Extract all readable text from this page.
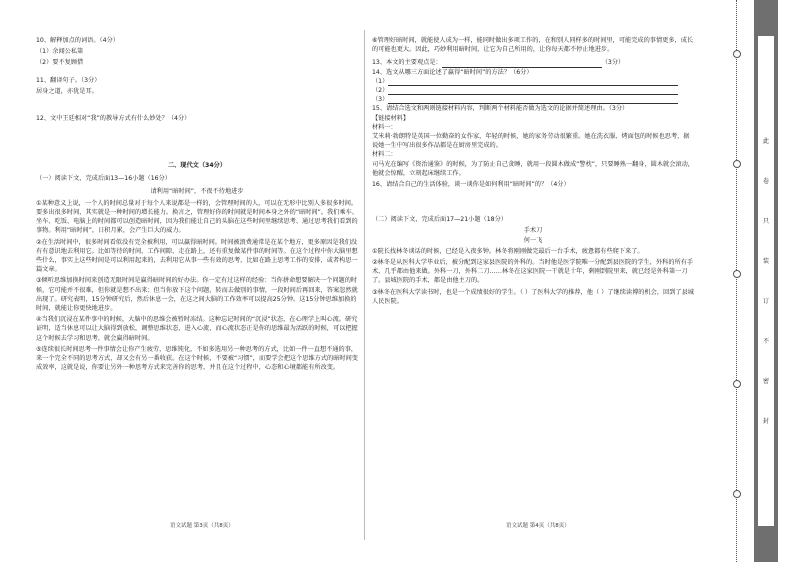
10、解释加点的词语。（4分）
（1）余闻公私第
（2）要不复顾借
11、翻译句子。（3分）
居身之道，亦犹是耳。
12、文中王廷相对“我”的教导方式有什么妙处？（4分）
二、现代文（34分）
（一）阅读下文，完成后面13—16小题（16分）
请利用“暗时间”，不夜不待地进步
①某种意义上说，一个人的时间总量对于每个人来说都是一样的，会管理时间的人，可以在无形中比别人多很多时间。要多出很多时间，其实就是一种时间的增长能力。换言之，管理好你的时间就是时间本身之外的“暗时间”。我们乘车、坐车、吃饭、电脑上的时间都可以创造暗时间，因为我们能让自己的头脑在这些时间里继续思考、通过思考我们看到的事物。利用“暗时间”，日积月累，会产生巨大的威力。
②在生活时间中，很多时间看似没有完全被利用，可以赢得暗时间。时间被浪费通常是在某个地方，更多原因是我们没有有意识地去利用它。比如等待的时间、工作间隙、走在路上，还有重复做某件事的时间等。在这个过程中你大脑里想些什么，事实上这些时间是可以利用起来的，去利用它从事一些有效的思考，比如在路上思考工作的安排，或者构思一篇文章。
③倾听思维加换时间来创造无限时间是赢得暗时间的好办法。你一定有过这样的经验：当你拼命想要解决一个问题的时候，它可能并不很难，但你就是想不出来；但当你放下这个问题，转而去做别的事情，一段时间后再回来，答案忽然就出现了。研究表明，15分钟研究后，然后休息一会，在这之间大脑的工作效率可以提高25分钟。这15分钟思维加换的时间，就能让你更快地进步。
④当我们沉浸在某件事中的时候，大脑中的思维会被暂时冻结。这种忘记时间的“沉浸”状态，在心理学上叫心流。研究证明，适当休息可以让大脑得到放松，调整思维状态，进入心流，而心流状态正是你的思维最为活跃的时候，可以把握这个时候去学习和思考，就会赢得暗时间。
⑤连续很长时间思考一件事情会让你产生疲劳，思维钝化，不如多选用另一种思考的方式，比如一件一直想不通的事，来一个完全不同的思考方式，却又会有另一番收获。在这个时候，不要被“习惯”，而要学会把这个思维方式的暗时间变成效率，这就是说，你要让另外一种思考方式来完善你的思考，并且在这个过程中，心态和心境都能有所改变。
语文试题 第3页（共8页）
⑥管理好暗时间，就能使人成为一样，能同时做出多项工作的，在和别人同样多的时间里，可能完成的事情更多，成长的可能也更大。因此，巧妙利用暗时间，让它为自己所用的，让你每天都不停止地进步。
13、本文的主要观点是：	（3分）
14、选文从哪三方面论述了赢得“暗时间”的方法？（6分）
（1）
（2）
（3）
15、请结合选文和两则链接材料内容，判断两个材料能否做为选文的论据并简述理由。（3分）
【链接材料】
材料一：
艾米莉·勃朗特是英国一位勤奋的女作家，年轻的时候，她的家务劳动很繁重。她在洗衣服、烤面包的时候也思考，据说她一生中写出很多作品都是在厨房里完成的。
材料二：
司马光在编写《资治通鉴》的时候，为了防止自己贪睡，就用一段圆木做成“警枕”，只要睡熟一翻身，圆木就会滚动，他就会惊醒，立刻起床继续工作。
16、请结合自己的生活体验，谈一谈你是如何利用“暗时间”的？（4分）
（二）阅读下文，完成后面17—21小题（18分）
手术刀
何一飞
①院长找林冬谈话的时候，已经是入夜多钟。林冬将刚刚做完最后一台手术，疲惫都有些爬下来了。
②林冬是从医科大学毕业后，被分配到这家县医院的外科的。当时他是医学院唯一分配到县医院的学生，外科的所有手术，几乎都由他来做。外科一刀，外科二刀……林冬在这家医院一干就是十年，剩刚到院里来，就已经是外科第一刀了。县城医院的手术，都是由他主刀的。
③林冬在医科大学读书时，也是一个成绩很好的学生。（ ）了医科大学的推荐，他（ ）了继续读博的机会，回到了县城人民医院。
语文试题 第4页（共8页）
此
卷
只
装
订
不
密
封
